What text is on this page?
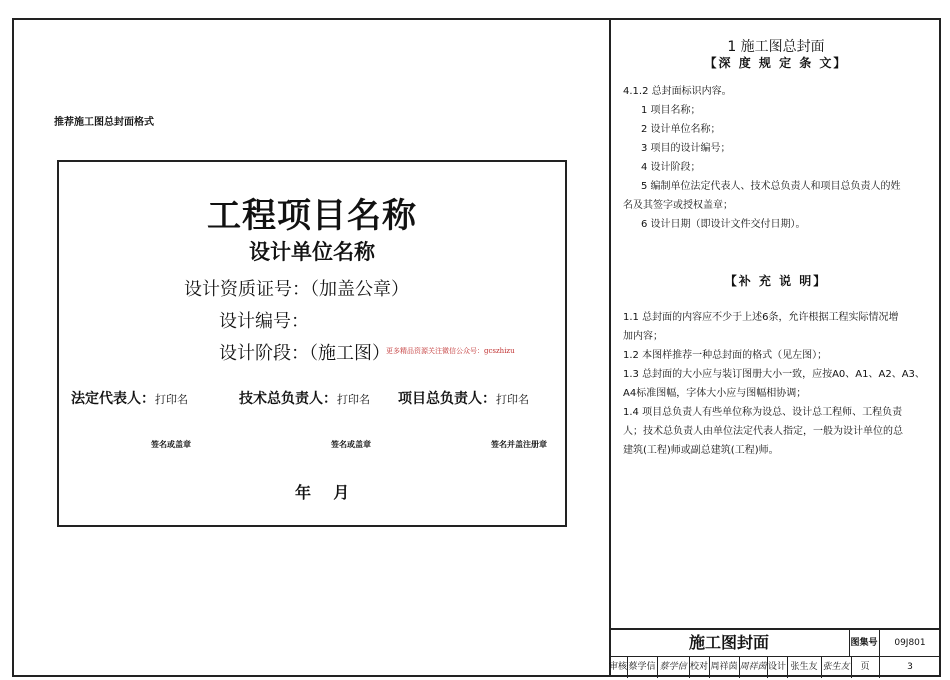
推荐施工图总封面格式
工程项目名称
设计单位名称
设计资质证号：（加盖公章）
设计编号：
设计阶段：（施工图）
更多精品资源关注微信公众号：gcszhizu
法定代表人：打印名	技术总负责人：打印名 项目总负责人：打印名
签名或盖章	签名或盖章	签名并盖注册章
年    月
1 施工图总封面
【深 度 规 定 条 文】
4.1.2 总封面标识内容。
1 项目名称；
2 设计单位名称；
3 项目的设计编号；
4 设计阶段；
5 编制单位法定代表人、技术总负责人和项目总负责人的姓
名及其签字或授权盖章；
6 设计日期（即设计文件交付日期）。
【补 充 说 明】
1.1 总封面的内容应不少于上述6条，允许根据工程实际情况增
加内容；
1.2 本图样推荐一种总封面的格式（见左图）；
1.3 总封面的大小应与装订图册大小一致，应按A0、A1、A2、A3、
A4标准图幅，字体大小应与图幅相协调；
1.4 项目总负责人有些单位称为设总、设计总工程师、工程负责
人；技术总负责人由单位法定代表人指定，一般为设计单位的总
建筑(工程)师或副总建筑(工程)师。
施工图封面	图集号	09J801
审核 蔡学信 蔡学信 校对 周祥茵 周祥茵 设计 张生友 张生友	页	3
